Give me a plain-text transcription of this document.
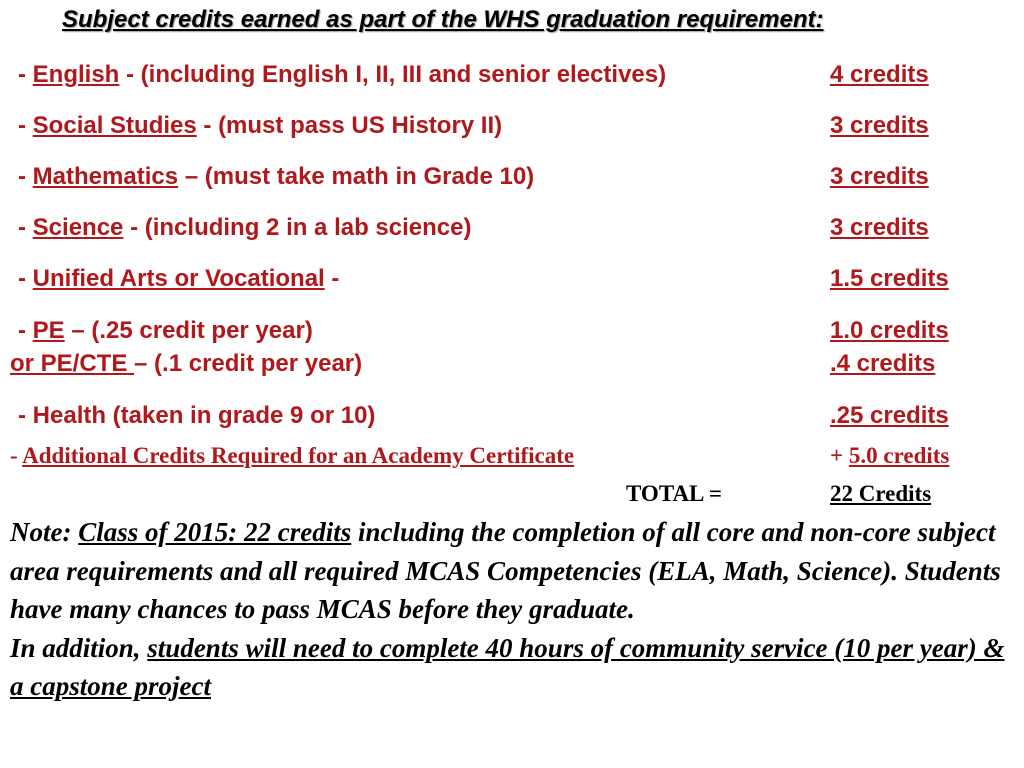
Subject credits earned as part of the WHS graduation requirement:
- English - (including English I, II, III and senior electives)	4 credits
- Social Studies - (must pass US History II)	3 credits
- Mathematics – (must take math in Grade 10)	3 credits
- Science - (including 2 in a lab science)	3 credits
- Unified Arts or Vocational -	1.5 credits
- PE – (.25 credit per year)	1.0 credits
or PE/CTE – (.1 credit per year)	.4 credits
- Health (taken in grade 9 or 10)	.25 credits
- Additional Credits Required for an Academy Certificate	+ 5.0 credits
TOTAL =	22 Credits
Note: Class of 2015: 22 credits including the completion of all core and non-core subject area requirements and all required MCAS Competencies (ELA, Math, Science). Students have many chances to pass MCAS before they graduate.
In addition, students will need to complete 40 hours of community service (10 per year) & a capstone project
